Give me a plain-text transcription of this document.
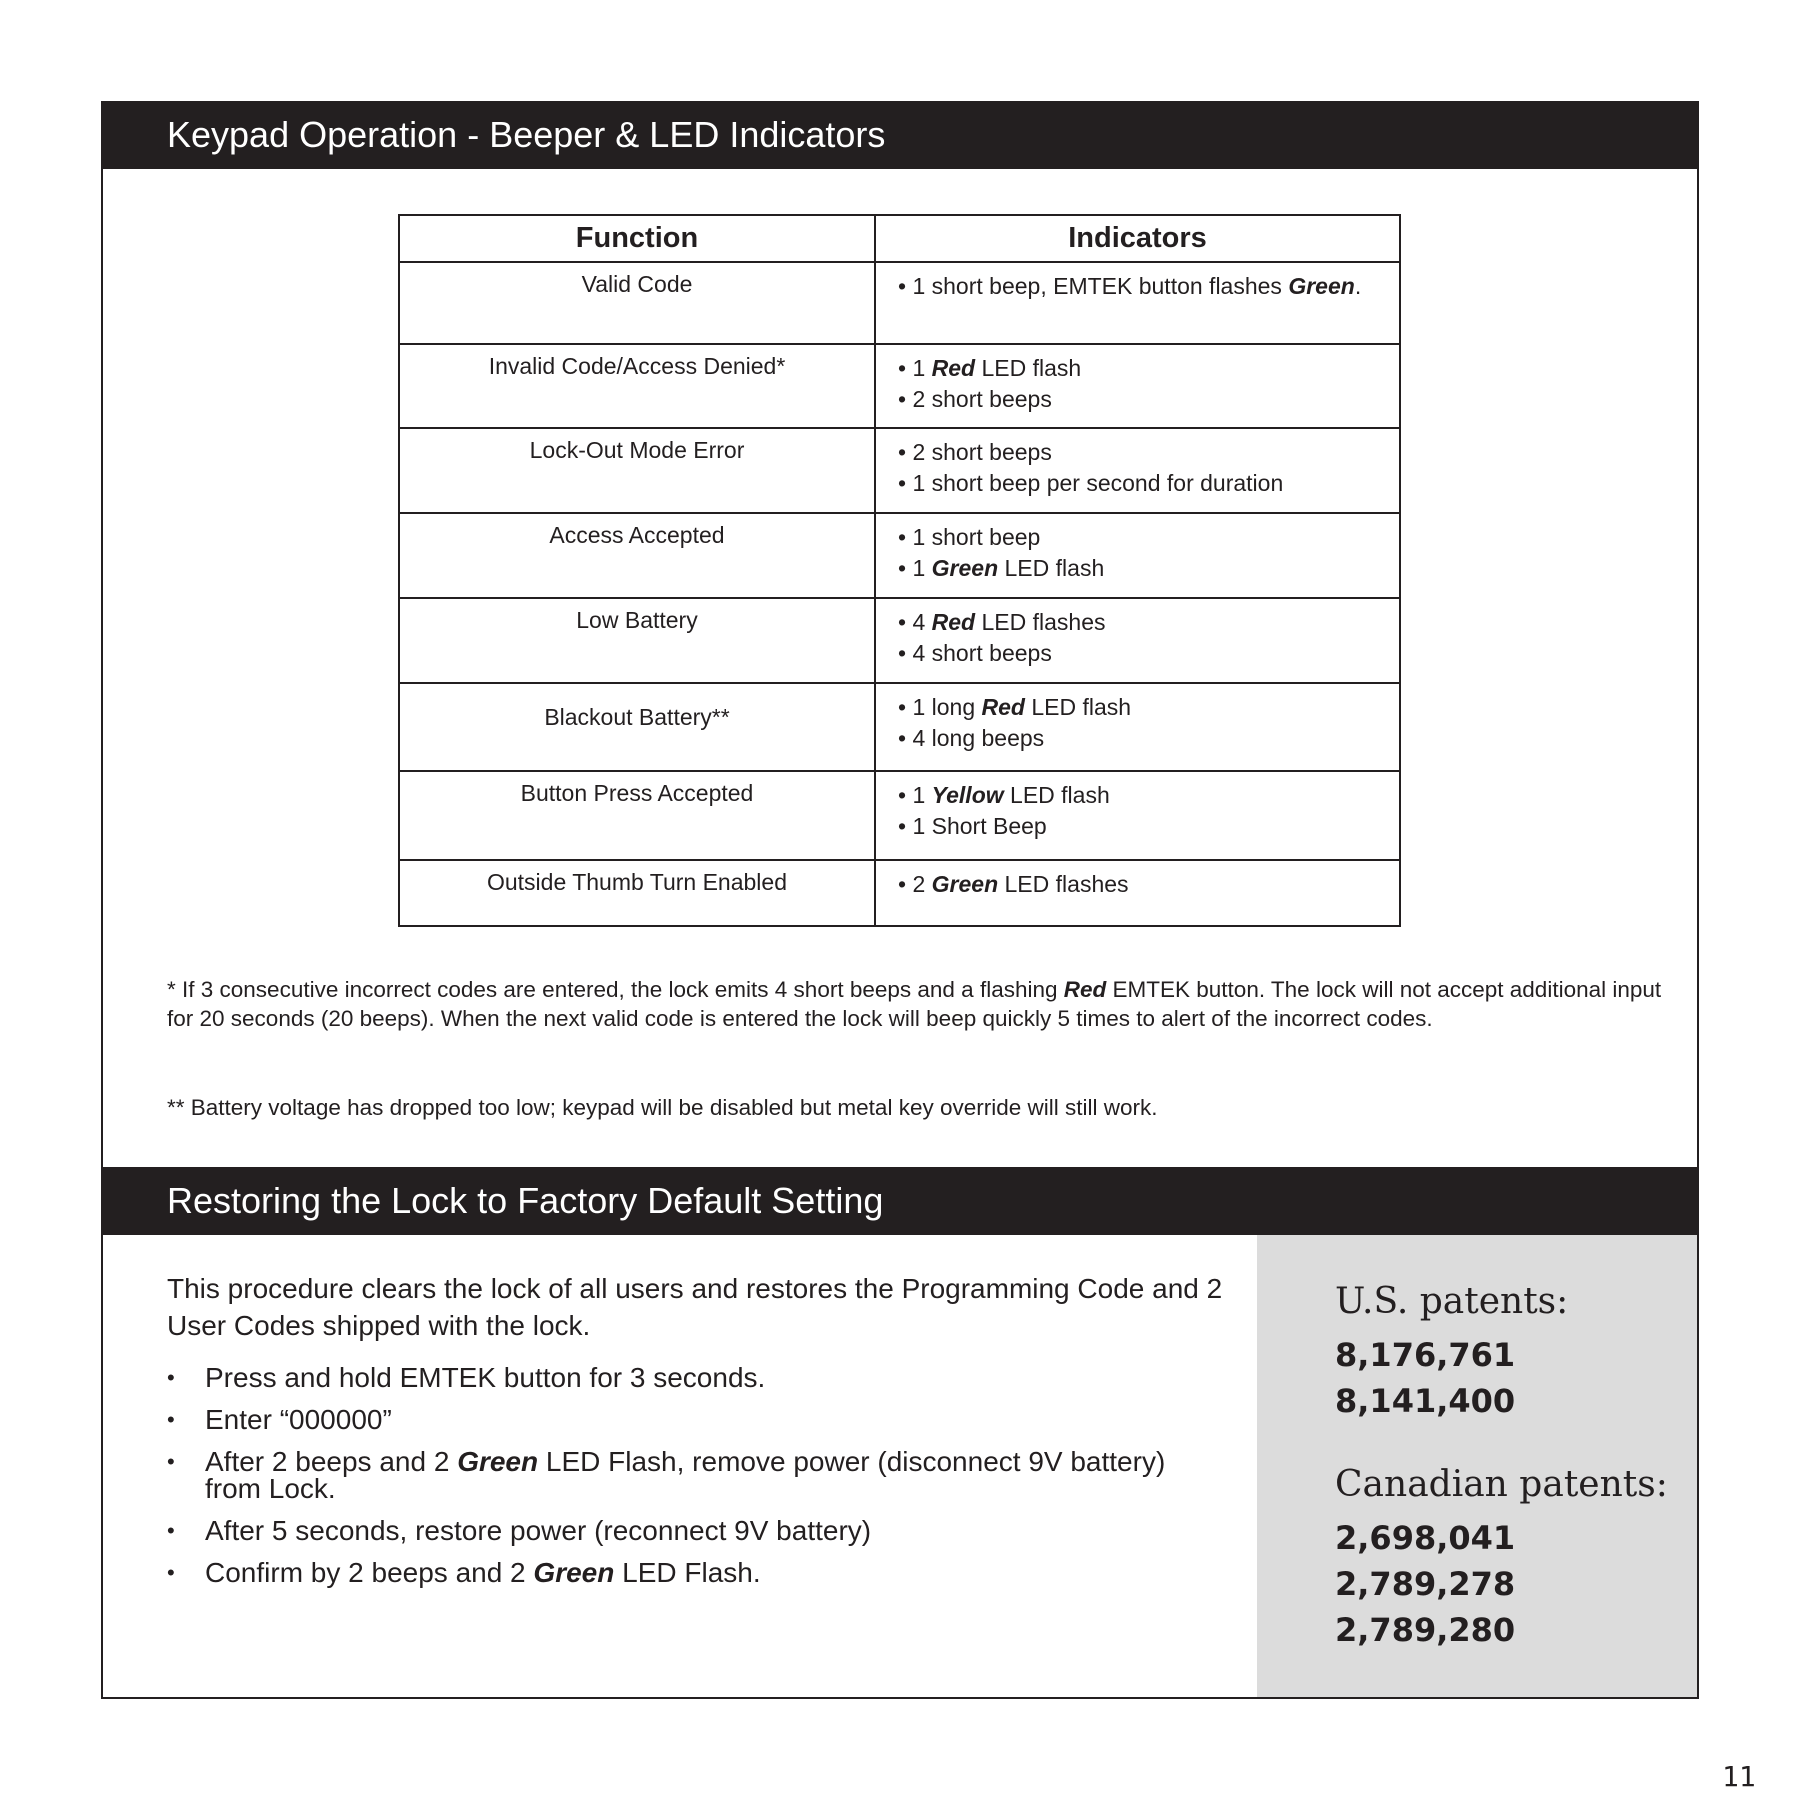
Keypad Operation - Beeper & LED Indicators
Function	Indicators
Valid Code	• 1 short beep, EMTEK button flashes Green.

Invalid Code/Access Denied*	• 1 Red LED flash
• 2 short beeps

Lock-Out Mode Error	• 2 short beeps
• 1 short beep per second for duration

Access Accepted	• 1 short beep
• 1 Green LED flash

Low Battery	• 4 Red LED flashes
• 4 short beeps

Blackout Battery**	• 1 long Red LED flash
• 4 long beeps

Button Press Accepted	• 1 Yellow LED flash
• 1 Short Beep

Outside Thumb Turn Enabled	• 2 Green LED flashes
* If 3 consecutive incorrect codes are entered, the lock emits 4 short beeps and a flashing Red EMTEK button. The lock will not accept additional input for 20 seconds (20 beeps). When the next valid code is entered the lock will beep quickly 5 times to alert of the incorrect codes.
** Battery voltage has dropped too low; keypad will be disabled but metal key override will still work.
Restoring the Lock to Factory Default Setting

This procedure clears the lock of all users and restores the Programming Code and 2 User Codes shipped with the lock.

• Press and hold EMTEK button for 3 seconds.
• Enter “000000”
• After 2 beeps and 2 Green LED Flash, remove power (disconnect 9V battery) from Lock.
• After 5 seconds, restore power (reconnect 9V battery)
• Confirm by 2 beeps and 2 Green LED Flash.
U.S. patents:
8,176,761
8,141,400
Canadian patents:
2,698,041
2,789,278
2,789,280
11
